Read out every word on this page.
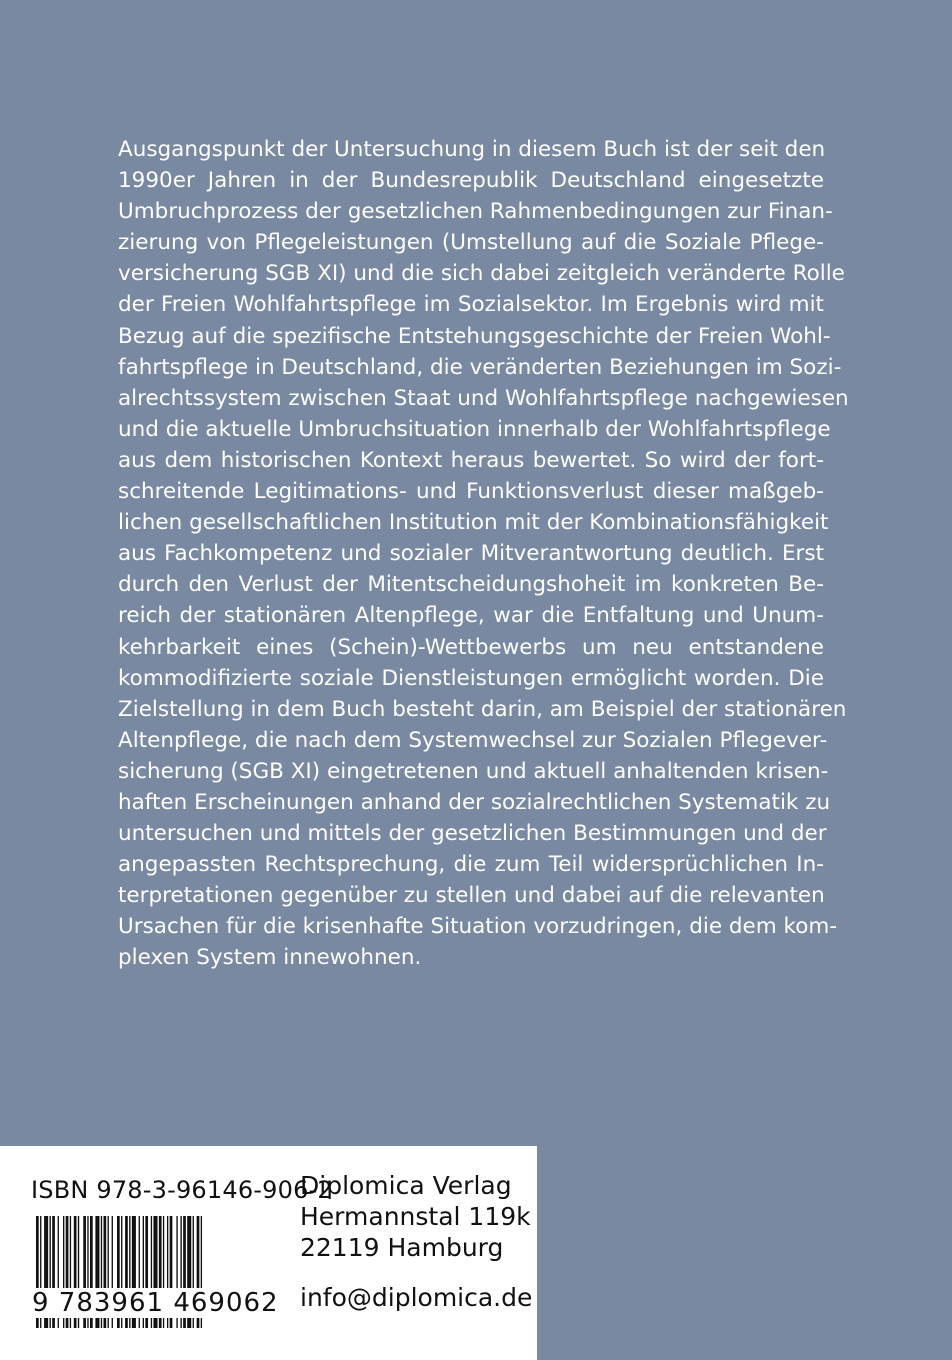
Ausgangspunkt der Untersuchung in diesem Buch ist der seit den
1990er Jahren in der Bundesrepublik Deutschland eingesetzte
Umbruchprozess der gesetzlichen Rahmenbedingungen zur Finan-
zierung von Pflegeleistungen (Umstellung auf die Soziale Pflege-
versicherung SGB XI) und die sich dabei zeitgleich veränderte Rolle
der Freien Wohlfahrtspflege im Sozialsektor. Im Ergebnis wird mit
Bezug auf die spezifische Entstehungsgeschichte der Freien Wohl-
fahrtspflege in Deutschland, die veränderten Beziehungen im Sozi-
alrechtssystem zwischen Staat und Wohlfahrtspflege nachgewiesen
und die aktuelle Umbruchsituation innerhalb der Wohlfahrtspflege
aus dem historischen Kontext heraus bewertet. So wird der fort-
schreitende Legitimations- und Funktionsverlust dieser maßgeb-
lichen gesellschaftlichen Institution mit der Kombinationsfähigkeit
aus Fachkompetenz und sozialer Mitverantwortung deutlich. Erst
durch den Verlust der Mitentscheidungshoheit im konkreten Be-
reich der stationären Altenpflege, war die Entfaltung und Unum-
kehrbarkeit eines (Schein)-Wettbewerbs um neu entstandene
kommodifizierte soziale Dienstleistungen ermöglicht worden. Die
Zielstellung in dem Buch besteht darin, am Beispiel der stationären
Altenpflege, die nach dem Systemwechsel zur Sozialen Pflegever-
sicherung (SGB XI) eingetretenen und aktuell anhaltenden krisen-
haften Erscheinungen anhand der sozialrechtlichen Systematik zu
untersuchen und mittels der gesetzlichen Bestimmungen und der
angepassten Rechtsprechung, die zum Teil widersprüchlichen In-
terpretationen gegenüber zu stellen und dabei auf die relevanten
Ursachen für die krisenhafte Situation vorzudringen, die dem kom-
plexen System innewohnen.
ISBN 978-3-96146-906-2
9 783961 469062
Diplomica Verlag
Hermannstal 119k
22119 Hamburg
info@diplomica.de
